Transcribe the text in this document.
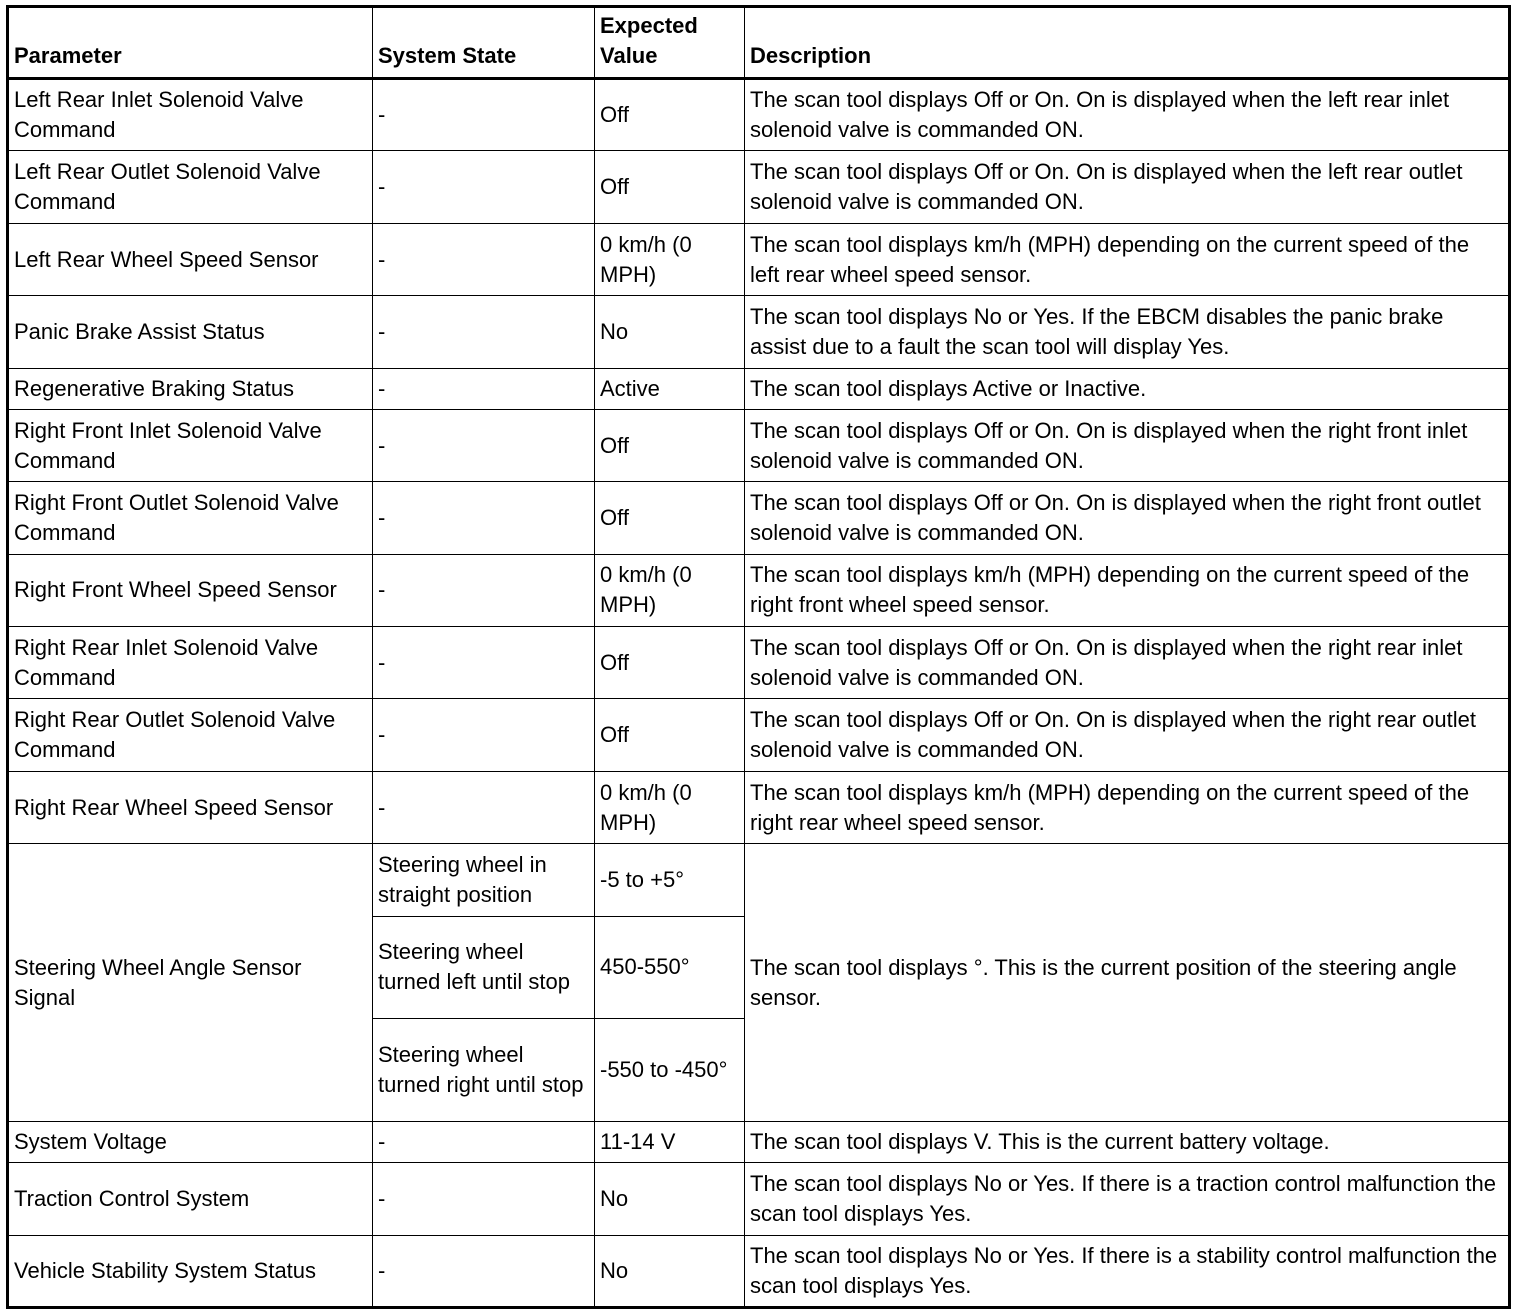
Parameter	System State	Expected Value	Description
Left Rear Inlet Solenoid Valve Command	-	Off	The scan tool displays Off or On. On is displayed when the left rear inlet solenoid valve is commanded ON.
Left Rear Outlet Solenoid Valve Command	-	Off	The scan tool displays Off or On. On is displayed when the left rear outlet solenoid valve is commanded ON.
Left Rear Wheel Speed Sensor	-	0 km/h (0 MPH)	The scan tool displays km/h (MPH) depending on the current speed of the left rear wheel speed sensor.
Panic Brake Assist Status	-	No	The scan tool displays No or Yes. If the EBCM disables the panic brake assist due to a fault the scan tool will display Yes.
Regenerative Braking Status	-	Active	The scan tool displays Active or Inactive.
Right Front Inlet Solenoid Valve Command	-	Off	The scan tool displays Off or On. On is displayed when the right front inlet solenoid valve is commanded ON.
Right Front Outlet Solenoid Valve Command	-	Off	The scan tool displays Off or On. On is displayed when the right front outlet solenoid valve is commanded ON.
Right Front Wheel Speed Sensor	-	0 km/h (0 MPH)	The scan tool displays km/h (MPH) depending on the current speed of the right front wheel speed sensor.
Right Rear Inlet Solenoid Valve Command	-	Off	The scan tool displays Off or On. On is displayed when the right rear inlet solenoid valve is commanded ON.
Right Rear Outlet Solenoid Valve Command	-	Off	The scan tool displays Off or On. On is displayed when the right rear outlet solenoid valve is commanded ON.
Right Rear Wheel Speed Sensor	-	0 km/h (0 MPH)	The scan tool displays km/h (MPH) depending on the current speed of the right rear wheel speed sensor.
Steering Wheel Angle Sensor Signal	Steering wheel in straight position	-5 to +5°	The scan tool displays °. This is the current position of the steering angle sensor.
	Steering wheel turned left until stop	450-550°	
	Steering wheel turned right until stop	-550 to -450°	
System Voltage	-	11-14 V	The scan tool displays V. This is the current battery voltage.
Traction Control System	-	No	The scan tool displays No or Yes. If there is a traction control malfunction the scan tool displays Yes.
Vehicle Stability System Status	-	No	The scan tool displays No or Yes. If there is a stability control malfunction the scan tool displays Yes.
